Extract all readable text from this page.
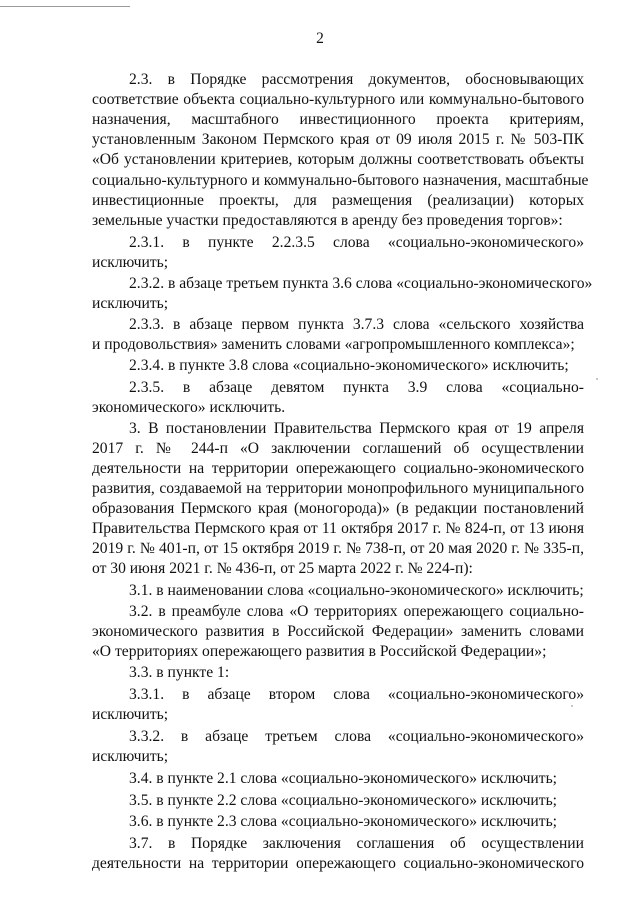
2
2.3. в Порядке рассмотрения документов, обосновывающих
соответствие объекта социально-культурного или коммунально-бытового
назначения, масштабного инвестиционного проекта критериям,
установленным Законом Пермского края от 09 июля 2015 г. № 503-ПК
«Об установлении критериев, которым должны соответствовать объекты
социально-культурного и коммунально-бытового назначения, масштабные
инвестиционные проекты, для размещения (реализации) которых
земельные участки предоставляются в аренду без проведения торгов»:
2.3.1. в пункте 2.2.3.5 слова «социально-экономического»
исключить;
2.3.2. в абзаце третьем пункта 3.6 слова «социально-экономического»
исключить;
2.3.3. в абзаце первом пункта 3.7.3 слова «сельского хозяйства
и продовольствия» заменить словами «агропромышленного комплекса»;
2.3.4. в пункте 3.8 слова «социально-экономического» исключить;
2.3.5. в абзаце девятом пункта 3.9 слова «социально-
экономического» исключить.
3. В постановлении Правительства Пермского края от 19 апреля
2017 г. № 244-п «О заключении соглашений об осуществлении
деятельности на территории опережающего социально-экономического
развития, создаваемой на территории монопрофильного муниципального
образования Пермского края (моногорода)» (в редакции постановлений
Правительства Пермского края от 11 октября 2017 г. № 824-п, от 13 июня
2019 г. № 401-п, от 15 октября 2019 г. № 738-п, от 20 мая 2020 г. № 335-п,
от 30 июня 2021 г. № 436-п, от 25 марта 2022 г. № 224-п):
3.1. в наименовании слова «социально-экономического» исключить;
3.2. в преамбуле слова «О территориях опережающего социально-
экономического развития в Российской Федерации» заменить словами
«О территориях опережающего развития в Российской Федерации»;
3.3. в пункте 1:
3.3.1. в абзаце втором слова «социально-экономического»
исключить;
3.3.2. в абзаце третьем слова «социально-экономического»
исключить;
3.4. в пункте 2.1 слова «социально-экономического» исключить;
3.5. в пункте 2.2 слова «социально-экономического» исключить;
3.6. в пункте 2.3 слова «социально-экономического» исключить;
3.7. в Порядке заключения соглашения об осуществлении
деятельности на территории опережающего социально-экономического
